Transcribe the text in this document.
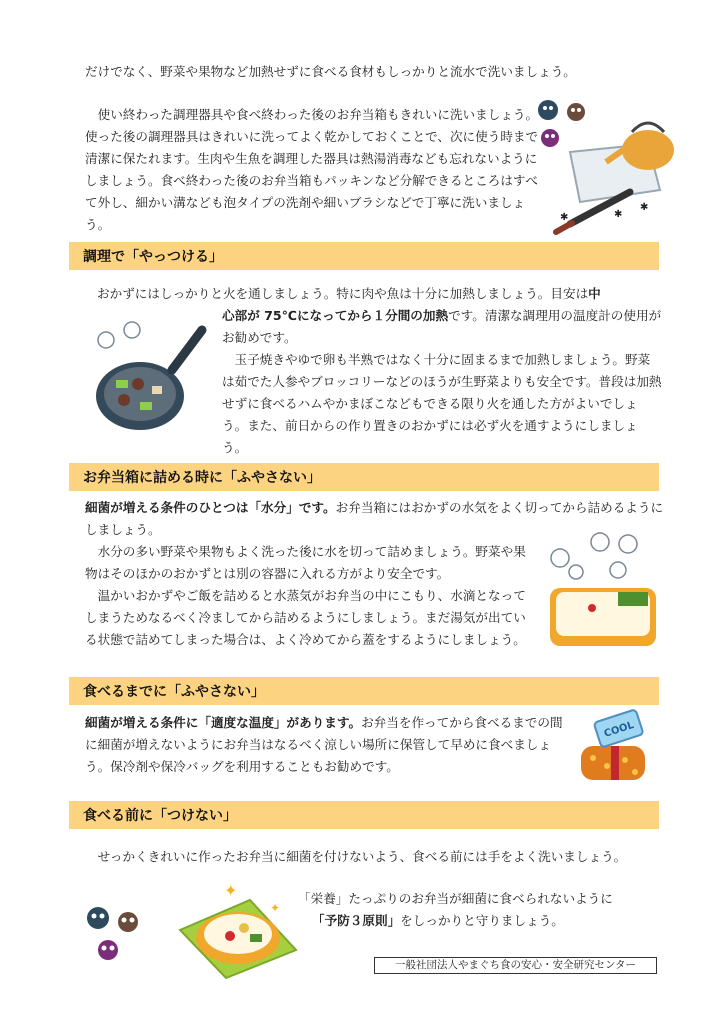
だけでなく、野菜や果物など加熱せずに食べる食材もしっかりと流水で洗いましょう。

　使い終わった調理器具や食べ終わった後のお弁当箱もきれいに洗いましょう。使った後の調理器具はきれいに洗ってよく乾かしておくことで、次に使う時まで清潔に保たれます。生肉や生魚を調理した器具は熱湯消毒なども忘れないようにしましょう。食べ終わった後のお弁当箱もパッキンなど分解できるところはすべて外し、細かい溝なども泡タイプの洗剤や細いブラシなどで丁寧に洗いましょう。

✱
✱
✱
調理で「やっつける」

おかずにはしっかりと火を通しましょう。特に肉や魚は十分に加熱しましょう。目安は中

心部が 75℃になってから１分間の加熱です。清潔な調理用の温度計の使用がお勧めです。

　玉子焼きやゆで卵も半熟ではなく十分に固まるまで加熱しましょう。野菜は茹でた人参やブロッコリーなどのほうが生野菜よりも安全です。普段は加熱せずに食べるハムやかまぼこなどもできる限り火を通した方がよいでしょう。また、前日からの作り置きのおかずには必ず火を通すようにしましょう。

お弁当箱に詰める時に「ふやさない」

細菌が増える条件のひとつは「水分」です。お弁当箱にはおかずの水気をよく切ってから詰めるようにしましょう。

　水分の多い野菜や果物もよく洗った後に水を切って詰めましょう。野菜や果物はそのほかのおかずとは別の容器に入れる方がより安全です。

　温かいおかずやご飯を詰めると水蒸気がお弁当の中にこもり、水滴となってしまうためなるべく冷ましてから詰めるようにしましょう。まだ湯気が出ている状態で詰めてしまった場合は、よく冷めてから蓋をするようにしましょう。

食べるまでに「ふやさない」

細菌が増える条件に「適度な温度」があります。お弁当を作ってから食べるまでの間に細菌が増えないようにお弁当はなるべく涼しい場所に保管して早めに食べましょう。保冷剤や保冷バッグを利用することもお勧めです。

COOL
食べる前に「つけない」

　せっかくきれいに作ったお弁当に細菌を付けないよう、食べる前には手をよく洗いましょう。

「栄養」たっぷりのお弁当が細菌に食べられないように

「予防３原則」をしっかりと守りましょう。

✦
✦
一般社団法人やまぐち食の安心・安全研究センター
